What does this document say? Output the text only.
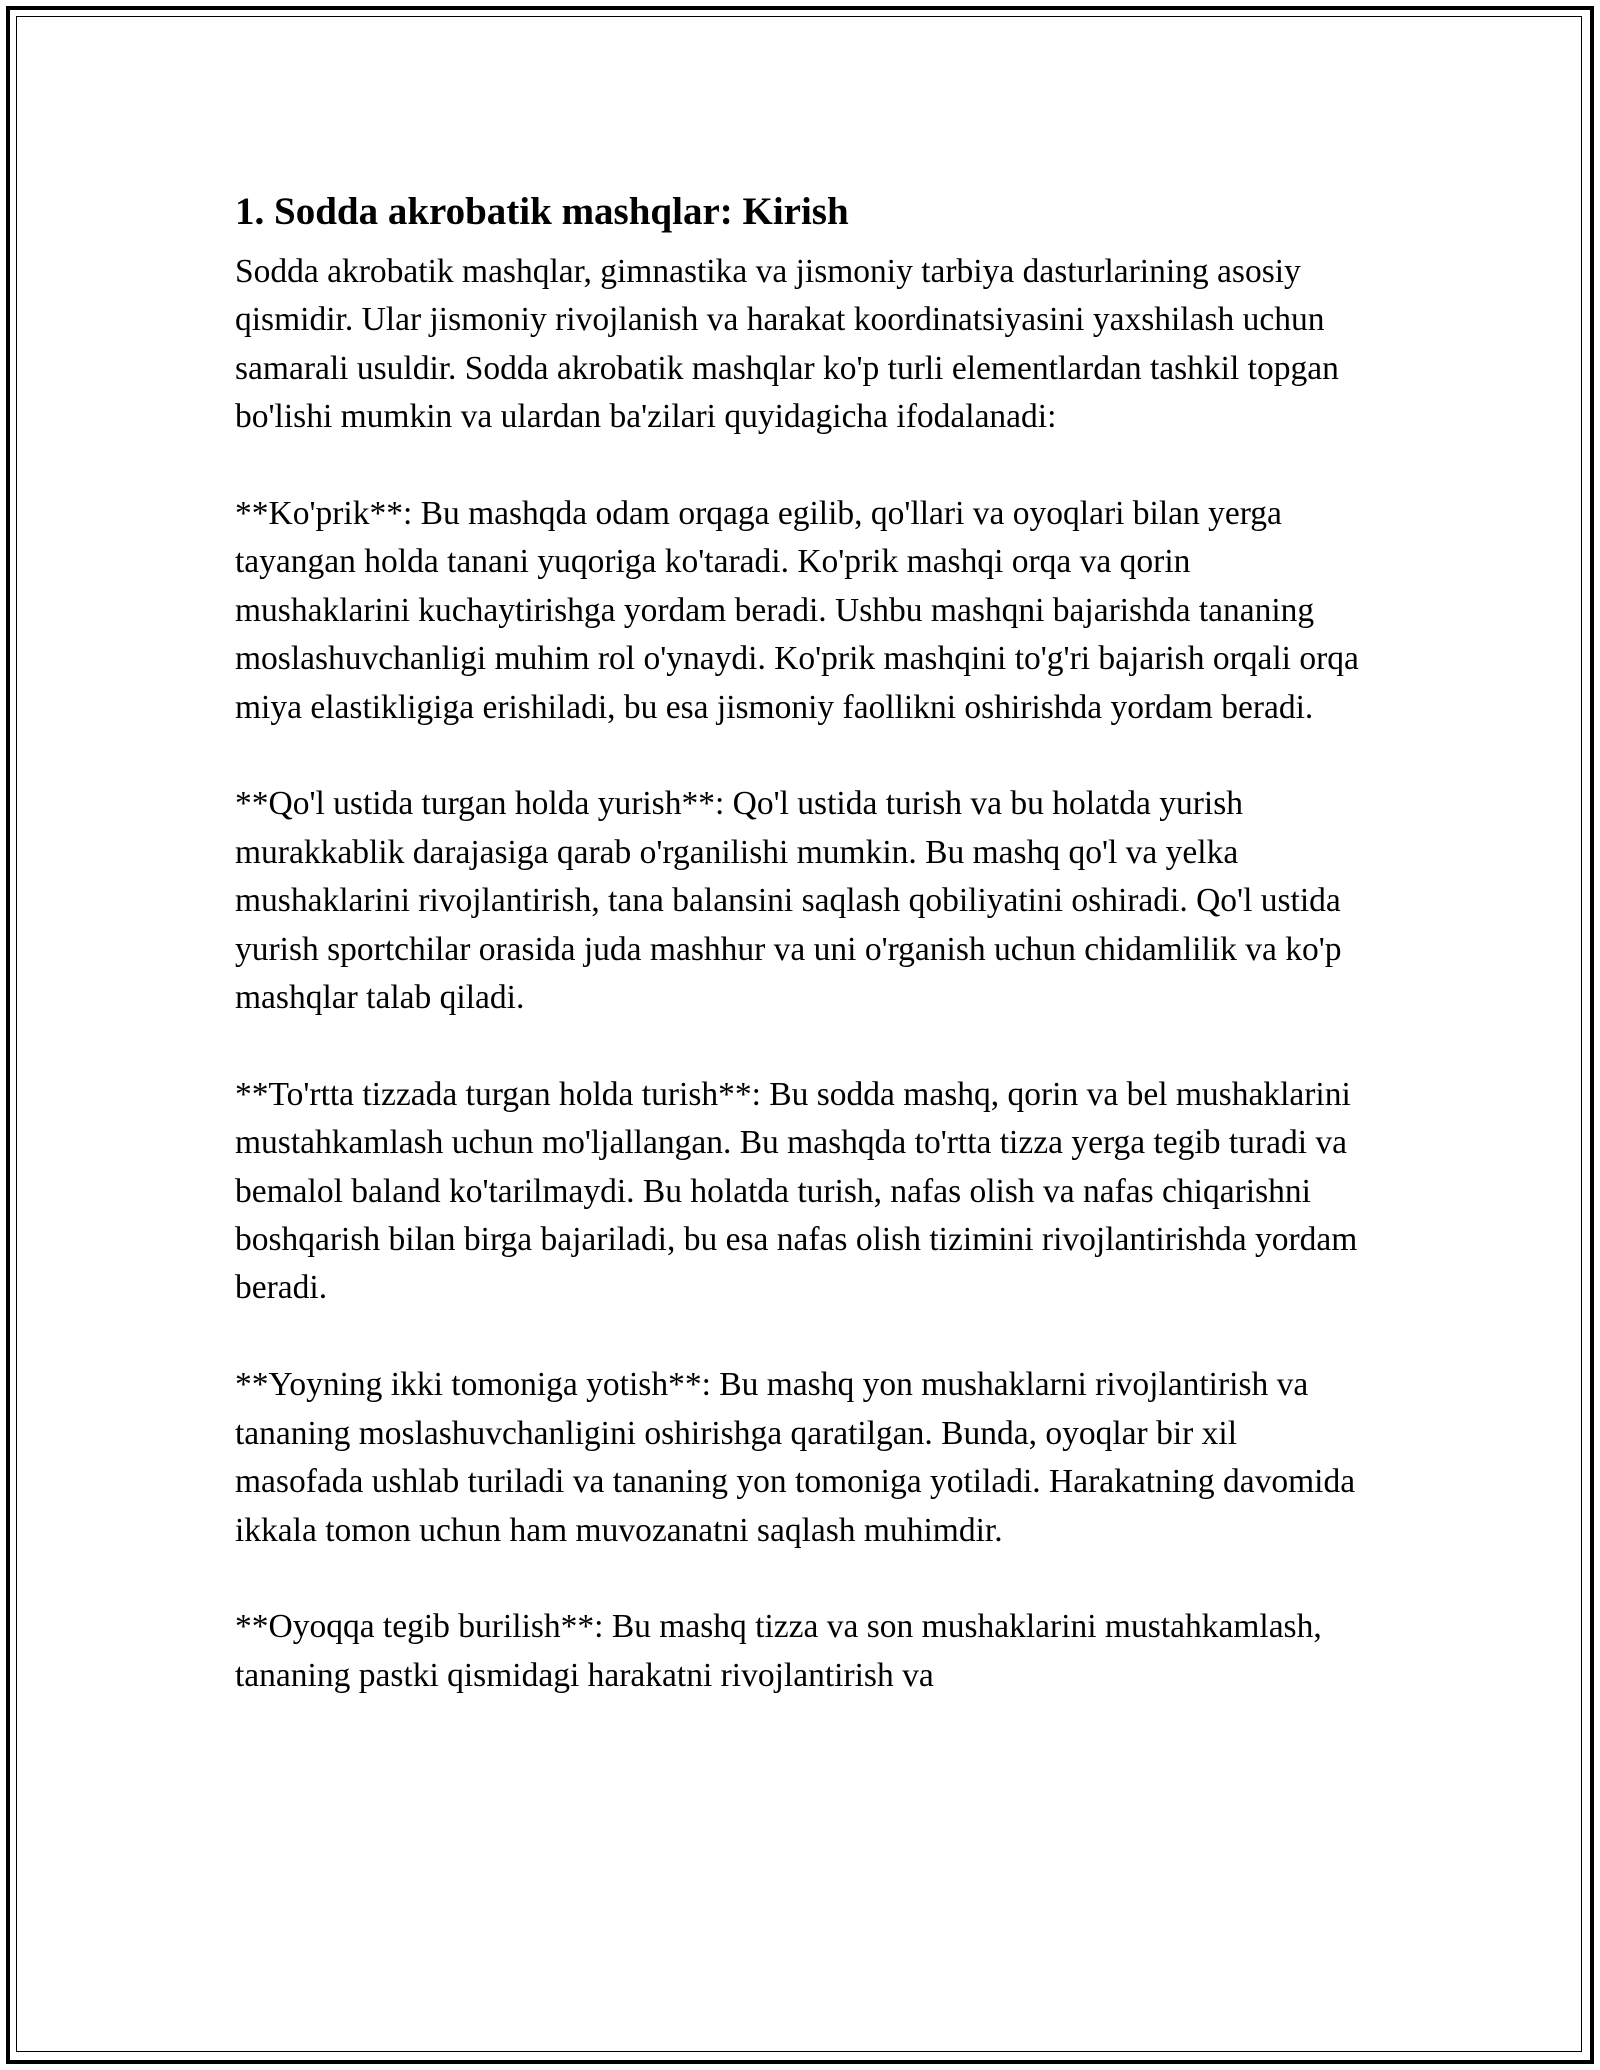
1. Sodda akrobatik mashqlar: Kirish

Sodda akrobatik mashqlar, gimnastika va jismoniy tarbiya dasturlarining asosiy qismidir. Ular jismoniy rivojlanish va harakat koordinatsiyasini yaxshilash uchun samarali usuldir. Sodda akrobatik mashqlar ko'p turli elementlardan tashkil topgan bo'lishi mumkin va ulardan ba'zilari quyidagicha ifodalanadi:

**Ko'prik**: Bu mashqda odam orqaga egilib, qo'llari va oyoqlari bilan yerga tayangan holda tanani yuqoriga ko'taradi. Ko'prik mashqi orqa va qorin mushaklarini kuchaytirishga yordam beradi. Ushbu mashqni bajarishda tananing moslashuvchanligi muhim rol o'ynaydi. Ko'prik mashqini to'g'ri bajarish orqali orqa miya elastikligiga erishiladi, bu esa jismoniy faollikni oshirishda yordam beradi.

**Qo'l ustida turgan holda yurish**: Qo'l ustida turish va bu holatda yurish murakkablik darajasiga qarab o'rganilishi mumkin. Bu mashq qo'l va yelka mushaklarini rivojlantirish, tana balansini saqlash qobiliyatini oshiradi. Qo'l ustida yurish sportchilar orasida juda mashhur va uni o'rganish uchun chidamlilik va ko'p mashqlar talab qiladi.

**To'rtta tizzada turgan holda turish**: Bu sodda mashq, qorin va bel mushaklarini mustahkamlash uchun mo'ljallangan. Bu mashqda to'rtta tizza yerga tegib turadi va bemalol baland ko'tarilmaydi. Bu holatda turish, nafas olish va nafas chiqarishni boshqarish bilan birga bajariladi, bu esa nafas olish tizimini rivojlantirishda yordam beradi.

**Yoyning ikki tomoniga yotish**: Bu mashq yon mushaklarni rivojlantirish va tananing moslashuvchanligini oshirishga qaratilgan. Bunda, oyoqlar bir xil masofada ushlab turiladi va tananing yon tomoniga yotiladi. Harakatning davomida ikkala tomon uchun ham muvozanatni saqlash muhimdir.

**Oyoqqa tegib burilish**: Bu mashq tizza va son mushaklarini mustahkamlash, tananing pastki qismidagi harakatni rivojlantirish va
